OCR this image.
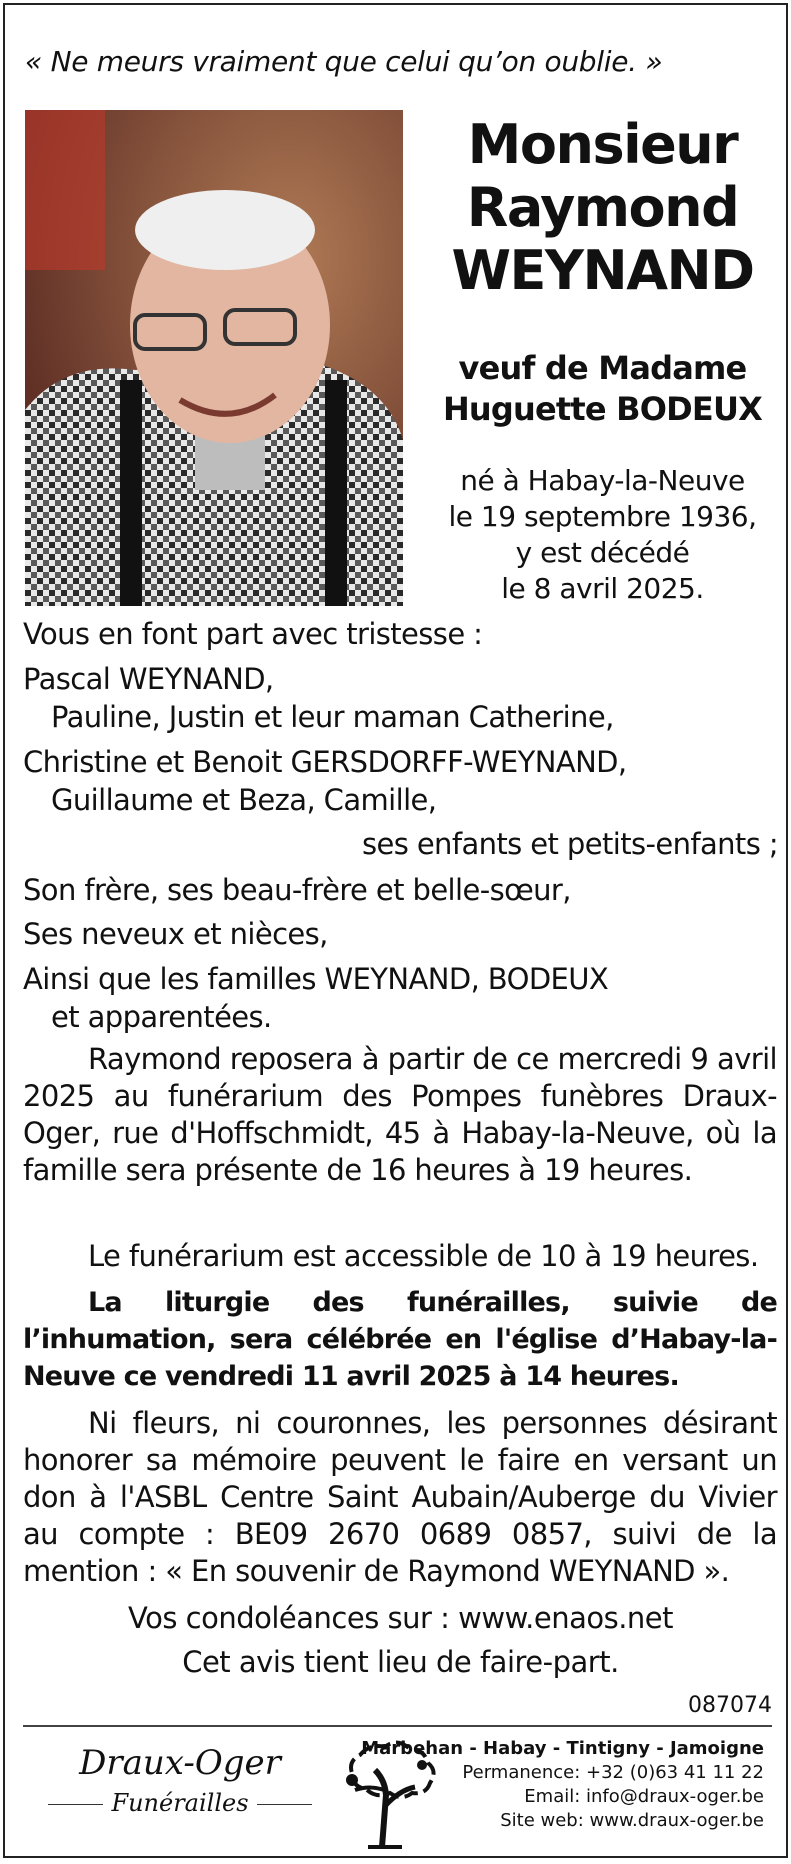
« Ne meurs vraiment que celui qu’on oublie. »
Monsieur
Raymond
WEYNAND
veuf de Madame
Huguette BODEUX
né à Habay-la-Neuve
le 19 septembre 1936,
y est décédé
le 8 avril 2025.
Vous en font part avec tristesse :
Pascal WEYNAND,
Pauline, Justin et leur maman Catherine,
Christine et Benoit GERSDORFF-WEYNAND,
Guillaume et Beza, Camille,
ses enfants et petits-enfants ;
Son frère, ses beau-frère et belle-sœur,
Ses neveux et nièces,
Ainsi que les familles WEYNAND, BODEUX
et apparentées.
Raymond reposera à partir de ce mercredi 9 avril 2025 au funérarium des Pompes funèbres Draux-Oger, rue d'Hoffschmidt, 45 à Habay-la-Neuve, où la famille sera présente de 16 heures à 19 heures.
Le funérarium est accessible de 10 à 19 heures.
La liturgie des funérailles, suivie de l’inhumation, sera célébrée en l'église d’Habay-la-Neuve ce vendredi 11 avril 2025 à 14 heures.
Ni fleurs, ni couronnes, les personnes désirant honorer sa mémoire peuvent le faire en versant un don à l'ASBL Centre Saint Aubain/Auberge du Vivier au compte : BE09 2670 0689 0857, suivi de la mention : « En souvenir de Raymond WEYNAND ».
Vos condoléances sur : www.enaos.net
Cet avis tient lieu de faire-part.
087074
Draux-Oger
Funérailles
Marbehan - Habay - Tintigny - Jamoigne
Permanence: +32 (0)63 41 11 22
Email: info@draux-oger.be
Site web: www.draux-oger.be
